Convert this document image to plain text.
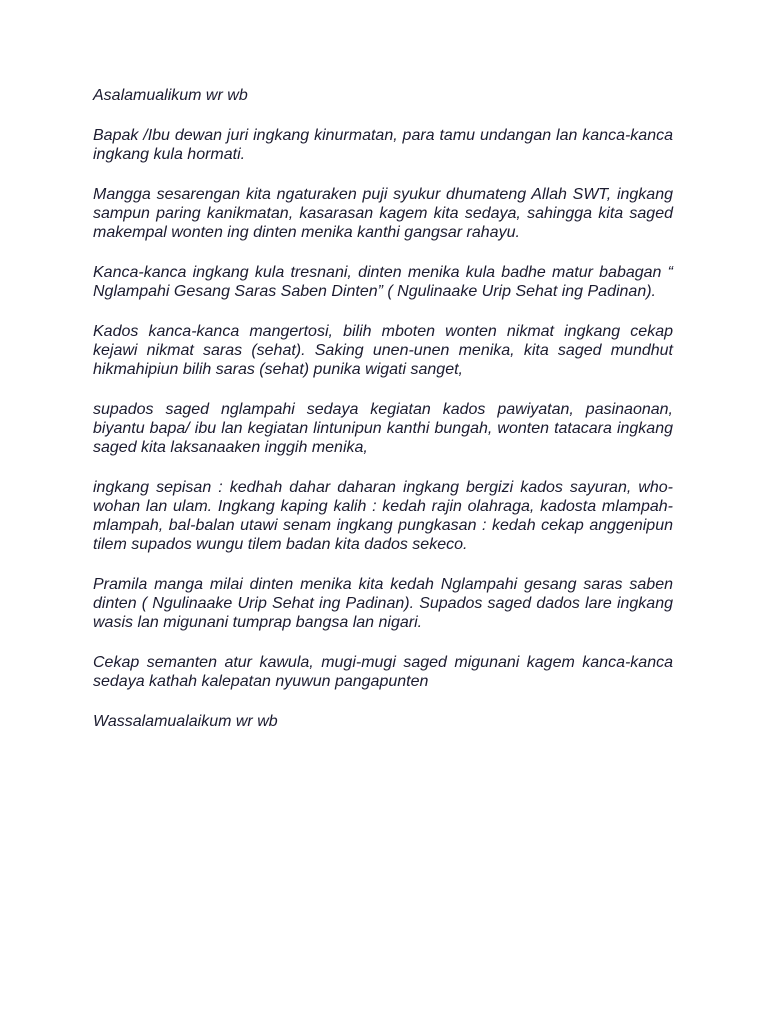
Asalamualikum wr wb

Bapak /Ibu dewan juri ingkang kinurmatan, para tamu undangan lan kanca-kanca ingkang kula hormati.

Mangga sesarengan kita ngaturaken puji syukur dhumateng Allah SWT, ingkang sampun paring kanikmatan, kasarasan kagem kita sedaya, sahingga kita saged makempal wonten ing dinten menika kanthi gangsar rahayu.

Kanca-kanca ingkang kula tresnani, dinten menika kula badhe matur babagan “ Nglampahi Gesang Saras Saben Dinten” ( Ngulinaake Urip Sehat ing Padinan).

Kados kanca-kanca mangertosi, bilih mboten wonten nikmat ingkang cekap kejawi nikmat saras (sehat). Saking unen-unen menika, kita saged mundhut hikmahipiun bilih saras (sehat) punika wigati sanget,

supados saged nglampahi sedaya kegiatan kados pawiyatan, pasinaonan, biyantu bapa/ ibu lan kegiatan lintunipun kanthi bungah, wonten tatacara ingkang saged kita laksanaaken inggih menika,

ingkang sepisan : kedhah dahar daharan ingkang bergizi kados sayuran, who-wohan lan ulam. Ingkang kaping kalih : kedah rajin olahraga, kadosta mlampah-mlampah, bal-balan utawi senam ingkang pungkasan : kedah cekap anggenipun tilem supados wungu tilem badan kita dados sekeco.

Pramila manga milai dinten menika kita kedah Nglampahi gesang saras saben dinten ( Ngulinaake Urip Sehat ing Padinan). Supados saged dados lare ingkang wasis lan migunani tumprap bangsa lan nigari.

Cekap semanten atur kawula, mugi-mugi saged migunani kagem kanca-kanca sedaya kathah kalepatan nyuwun pangapunten

Wassalamualaikum wr wb
